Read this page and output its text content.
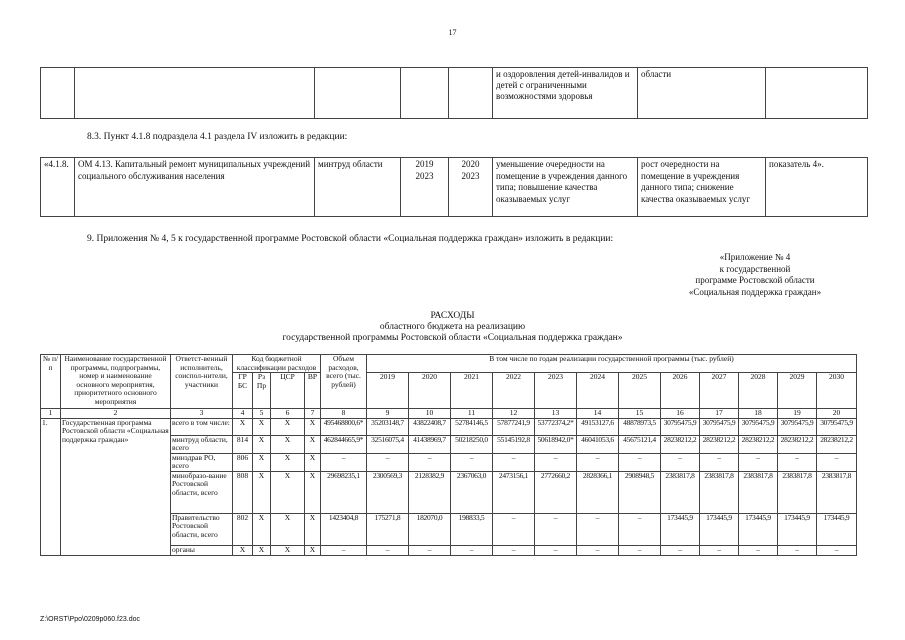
17
					и оздоровления детей-инвалидов и детей с ограниченными возможностями здоровья	области	
8.3. Пункт 4.1.8 подраздела 4.1 раздела IV изложить в редакции:
«4.1.8.	ОМ 4.13. Капитальный ремонт муниципальных учреждений социального обслуживания населения	минтруд области	2019
2023	2020
2023	уменьшение очередности на помещение в учреждения данного типа; повышение качества оказываемых услуг	рост очередности на помещение в учреждения данного типа; снижение качества оказываемых услуг	показатель 4».
9. Приложения № 4, 5 к государственной программе Ростовской области «Социальная поддержка граждан» изложить в редакции:
«Приложение № 4
к государственной
программе Ростовской области
«Социальная поддержка граждан»
РАСХОДЫ
областного бюджета на реализацию
государственной программы Ростовской области «Социальная поддержка граждан»
№ п/п	Наименование государственной программы, подпрограммы, номер и наименование основного мероприятия, приоритетного основного мероприятия	Ответст-венный исполнитель, соиспол-нители, участники	Код бюджетной классификации расходов				Объем расходов, всего (тыс. рублей)	В том числе по годам реализации государственной программы (тыс. рублей)											
			ГР БС	Рз Пр	ЦСР	ВР		2019	2020	2021	2022	2023	2024	2025	2026	2027	2028	2029	2030

1	2	3	4	5	6	7	8	9	10	11	12	13	14	15	16	17	18	19	20
1.	Государственная программа Ростовской области «Социальная поддержка граждан»	всего в том числе:	Х	Х	Х	Х	495468800,6*	35203148,7	43822408,7	52784146,5	57877241,9	53772374,2*	49153127,6	48878973,5	30795475,9	30795475,9	30795475,9	30795475,9	30795475,9
		минтруд области, всего	814	Х	Х	Х	462844665,9*	32516075,4	41438969,7	50218250,0	55145192,8	50618942,0*	46041053,6	45675121,4	28238212,2	28238212,2	28238212,2	28238212,2	28238212,2
		минздрав РО, всего	806	Х	Х	Х	–	–	–	–	–	–	–	–	–	–	–	–	–
		минобразо-вание Ростовской области, всего	808	Х	Х	Х	29698235,1	2300569,3	2128382,9	2367063,0	2473156,1	2772660,2	2828366,1	2908948,5	2383817,8	2383817,8	2383817,8	2383817,8	2383817,8
		Правительство Ростовской области, всего	802	Х	Х	Х	1423404,8	175271,8	182070,0	198833,5	–	–	–	–	173445,9	173445,9	173445,9	173445,9	173445,9
		органы	Х	Х	Х	Х	–	–	–	–	–	–	–	–	–	–	–	–	–
Z:\ORST\Ppo\0209p060.f23.doc
